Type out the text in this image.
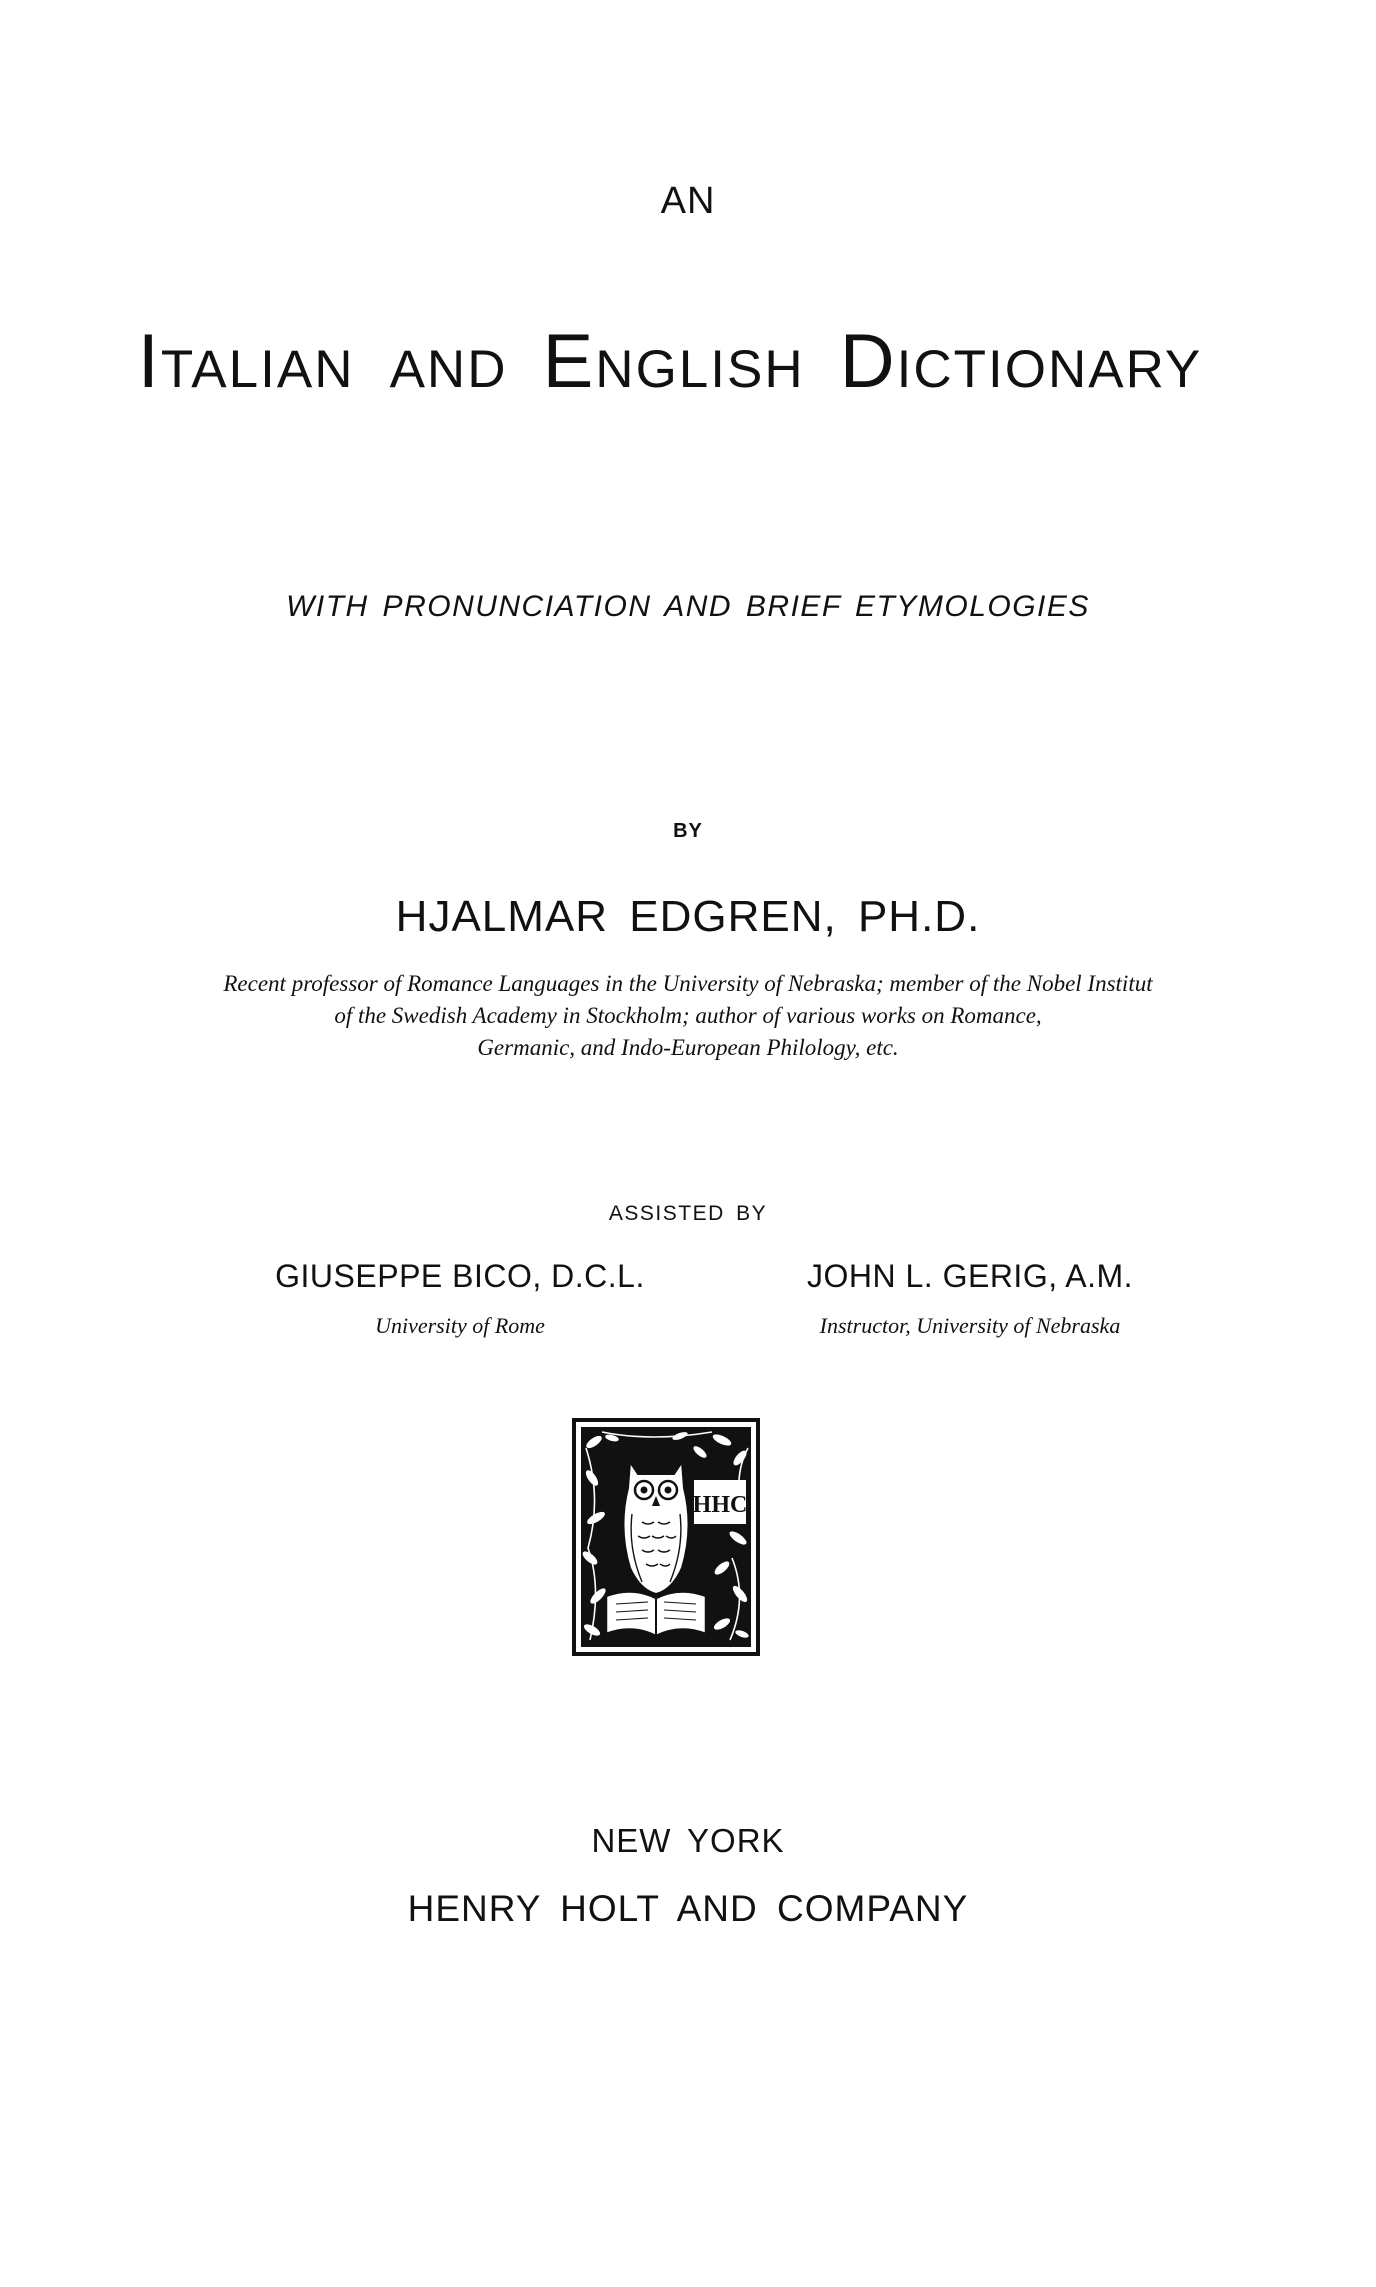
AN
Italian and English Dictionary
WITH PRONUNCIATION AND BRIEF ETYMOLOGIES
BY
HJALMAR EDGREN, PH.D.
Recent professor of Romance Languages in the University of Nebraska; member of the Nobel Institut
of the Swedish Academy in Stockholm; author of various works on Romance,
Germanic, and Indo-European Philology, etc.
ASSISTED BY
GIUSEPPE BICO, D.C.L.
University of Rome
JOHN L. GERIG, A.M.
Instructor, University of Nebraska
HHC
NEW YORK
HENRY HOLT AND COMPANY
